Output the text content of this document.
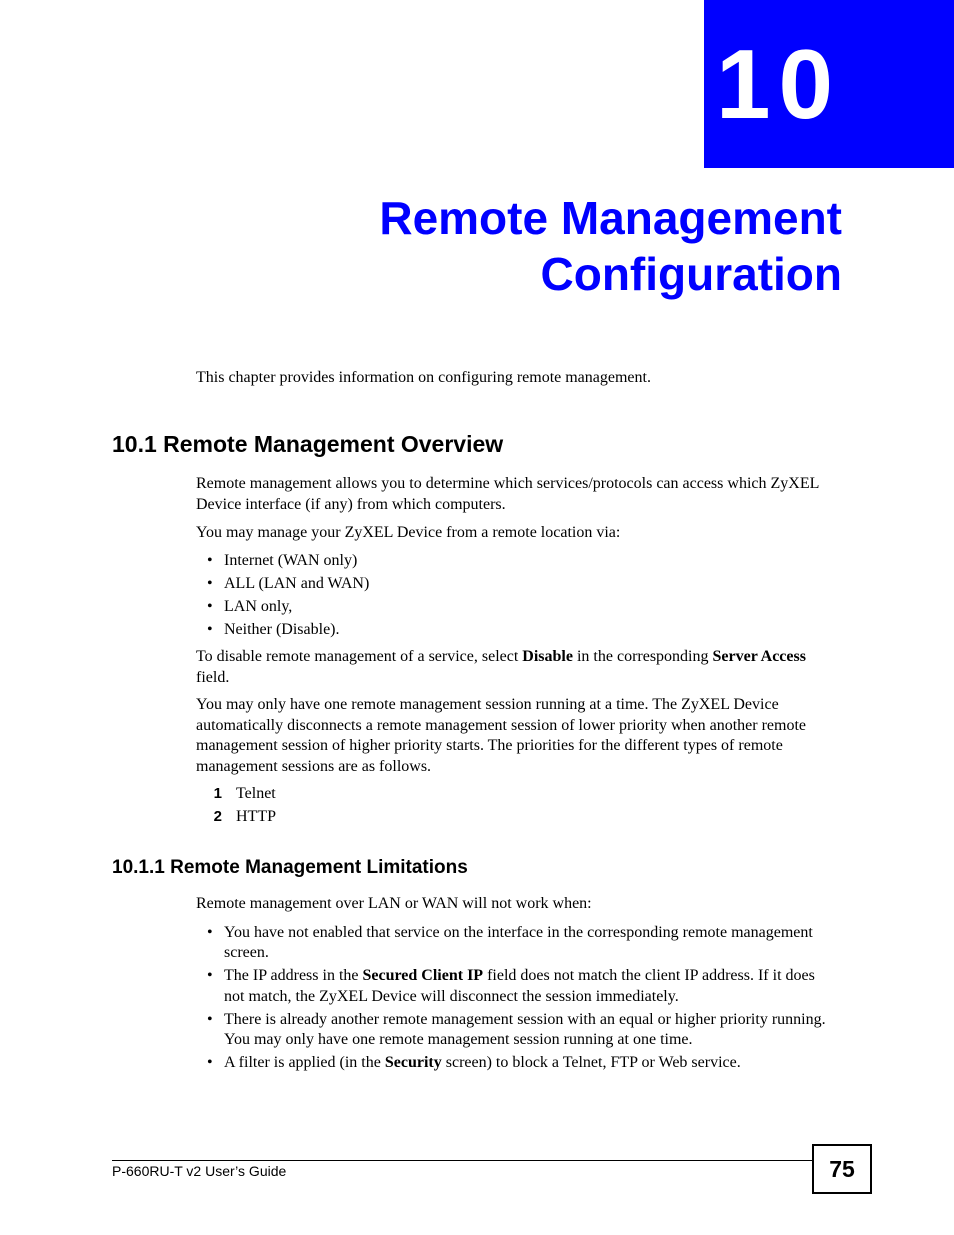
10
Remote Management
Configuration

This chapter provides information on configuring remote management.

10.1 Remote Management Overview

Remote management allows you to determine which services/protocols can access which ZyXEL Device interface (if any) from which computers.

You may manage your ZyXEL Device from a remote location via:

• Internet (WAN only)
• ALL (LAN and WAN)
• LAN only,
• Neither (Disable).

To disable remote management of a service, select Disable in the corresponding Server Access field.

You may only have one remote management session running at a time. The ZyXEL Device automatically disconnects a remote management session of lower priority when another remote management session of higher priority starts. The priorities for the different types of remote management sessions are as follows.

1 Telnet
2 HTTP
10.1.1 Remote Management Limitations

Remote management over LAN or WAN will not work when:

• You have not enabled that service on the interface in the corresponding remote management screen.
• The IP address in the Secured Client IP field does not match the client IP address. If it does not match, the ZyXEL Device will disconnect the session immediately.
• There is already another remote management session with an equal or higher priority running. You may only have one remote management session running at one time.
• A filter is applied (in the Security screen) to block a Telnet, FTP or Web service.
P-660RU-T v2 User’s Guide	75
